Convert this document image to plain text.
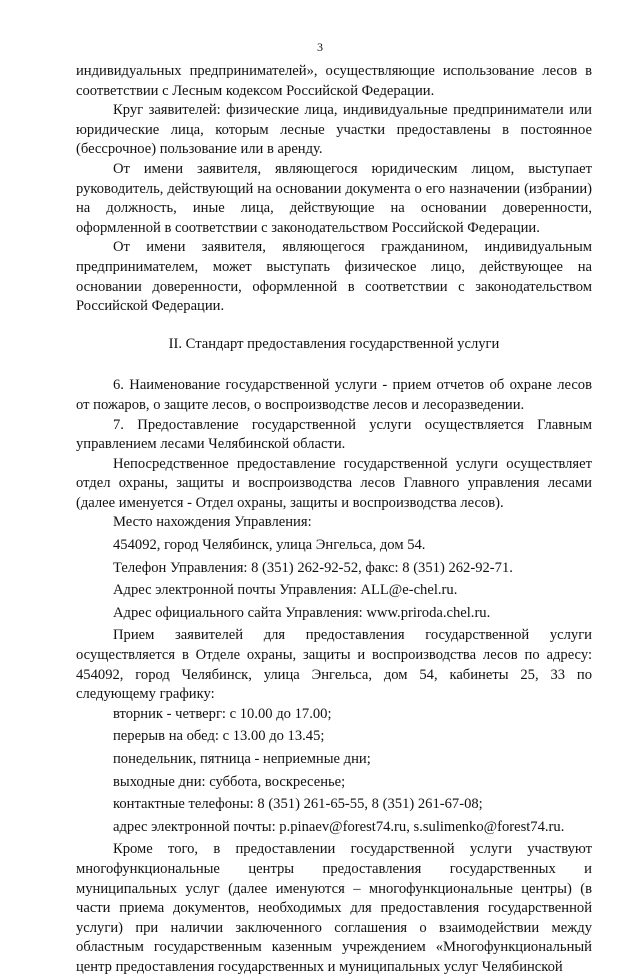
3

индивидуальных предпринимателей», осуществляющие использование лесов в

соответствии с Лесным кодексом Российской Федерации.

Круг заявителей: физические лица, индивидуальные предприниматели или юридические лица, которым лесные участки предоставлены в постоянное (бессрочное) пользование или в аренду.

От имени заявителя, являющегося юридическим лицом, выступает руководитель, действующий на основании документа о его назначении (избрании) на должность, иные лица, действующие на основании доверенности, оформленной в соответствии с законодательством Российской Федерации.

От имени заявителя, являющегося гражданином, индивидуальным предпринимателем, может выступать физическое лицо, действующее на основании доверенности, оформленной в соответствии с законодательством Российской Федерации.

II. Стандарт предоставления государственной услуги

6. Наименование государственной услуги - прием отчетов об охране лесов от пожаров, о защите лесов, о воспроизводстве лесов и лесоразведении.

7. Предоставление государственной услуги осуществляется Главным управлением лесами Челябинской области.

Непосредственное предоставление государственной услуги осуществляет отдел охраны, защиты и воспроизводства лесов Главного управления лесами (далее именуется - Отдел охраны, защиты и воспроизводства лесов).

Место нахождения Управления:

454092, город Челябинск, улица Энгельса, дом 54.

Телефон Управления: 8 (351) 262-92-52, факс: 8 (351) 262-92-71.

Адрес электронной почты Управления: ALL@e-chel.ru.

Адрес официального сайта Управления: www.priroda.chel.ru.

Прием заявителей для предоставления государственной услуги осуществляется в Отделе охраны, защиты и воспроизводства лесов по адресу: 454092, город Челябинск, улица Энгельса, дом 54, кабинеты 25, 33 по следующему графику:

вторник - четверг: с 10.00 до 17.00;

перерыв на обед: с 13.00 до 13.45;

понедельник, пятница - неприемные дни;

выходные дни: суббота, воскресенье;

контактные телефоны: 8 (351) 261-65-55, 8 (351) 261-67-08;

адрес электронной почты: p.pinaev@forest74.ru, s.sulimenko@forest74.ru.

Кроме того, в предоставлении государственной услуги участвуют многофункциональные центры предоставления государственных и муниципальных услуг (далее именуются – многофункциональные центры) (в части приема документов, необходимых для предоставления государственной услуги) при наличии заключенного соглашения о взаимодействии между областным государственным казенным учреждением «Многофункциональный центр предоставления государственных и муниципальных услуг Челябинской
